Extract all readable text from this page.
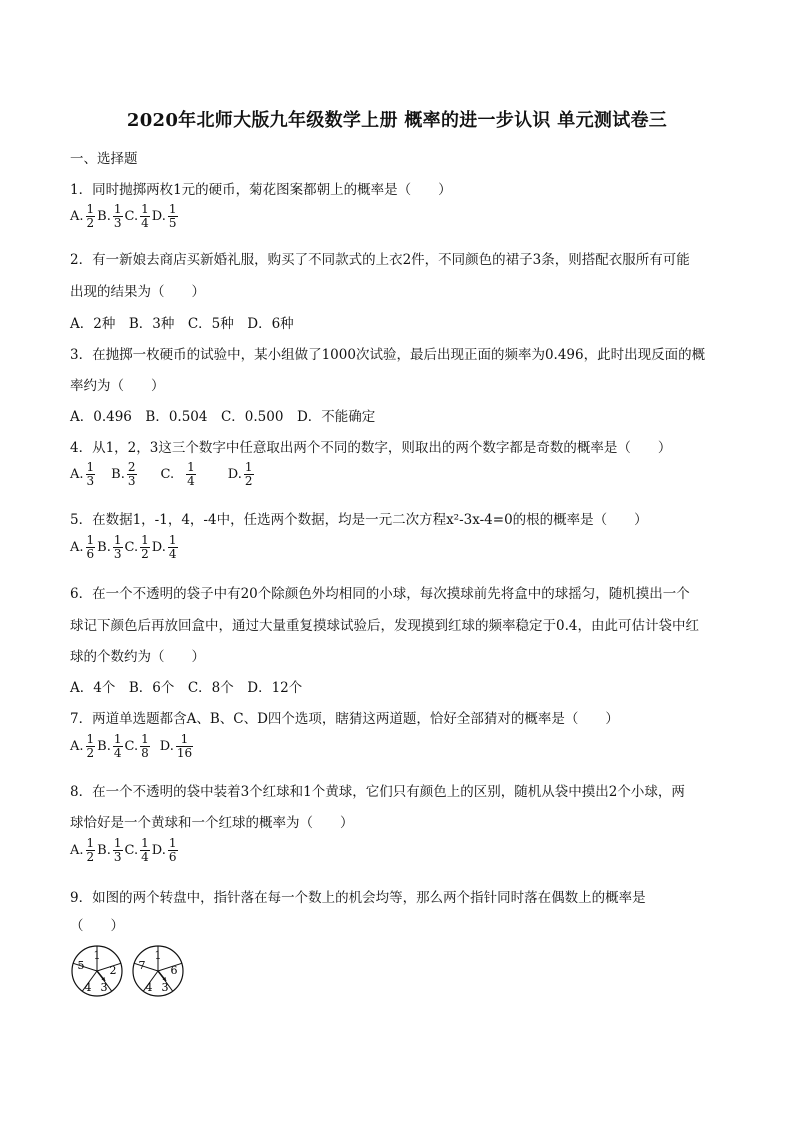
2020年北师大版九年级数学上册 概率的进一步认识 单元测试卷三
一、选择题
1．同时抛掷两枚1元的硬币，菊花图案都朝上的概率是（　　）
A. $\frac{1}{2} B$. $\frac{1}{3} C$. $\frac{1}{4} D$. $\frac{1}{5}$
2．有一新娘去商店买新婚礼服，购买了不同款式的上衣2件，不同颜色的裙子3条，则搭配衣服所有可能
出现的结果为（　　）
A．2种　B．3种　C．5种　D．6种
3．在抛掷一枚硬币的试验中，某小组做了1000次试验，最后出现正面的频率为0.496，此时出现反面的概
率约为（　　）
A．0.496　B．0.504　C．0.500　D．不能确定
4．从1，2，3这三个数字中任意取出两个不同的数字，则取出的两个数字都是奇数的概率是（　　）
A. $\frac{1}{3} B$. $\frac{2}{3} C$. $\frac{1}{4} D$. $\frac{1}{2}$
5．在数据1，-1，4，-4中，任选两个数据，均是一元二次方程x²-3x-4=0的根的概率是（　　）
A. $\frac{1}{6} B$. $\frac{1}{3} C$. $\frac{1}{2} D$. $\frac{1}{4}$
6．在一个不透明的袋子中有20个除颜色外均相同的小球，每次摸球前先将盒中的球摇匀，随机摸出一个
球记下颜色后再放回盒中，通过大量重复摸球试验后，发现摸到红球的频率稳定于0.4，由此可估计袋中红
球的个数约为（　　）
A．4个　B．6个　C．8个　D．12个
7．两道单选题都含A、B、C、D四个选项，瞎猜这两道题，恰好全部猜对的概率是（　　）
A. $\frac{1}{2} B$. $\frac{1}{4} C$. $\frac{1}{8} D$. $\frac{1}{16}$
8．在一个不透明的袋中装着3个红球和1个黄球，它们只有颜色上的区别，随机从袋中摸出2个小球，两
球恰好是一个黄球和一个红球的概率为（　　）
A. $\frac{1}{2} B$. $\frac{1}{3} C$. $\frac{1}{4} D$. $\frac{1}{6}$
9．如图的两个转盘中，指针落在每一个数上的机会均等，那么两个指针同时落在偶数上的概率是
（　　）
5
1
2
3
4
7
1
6
3
4
